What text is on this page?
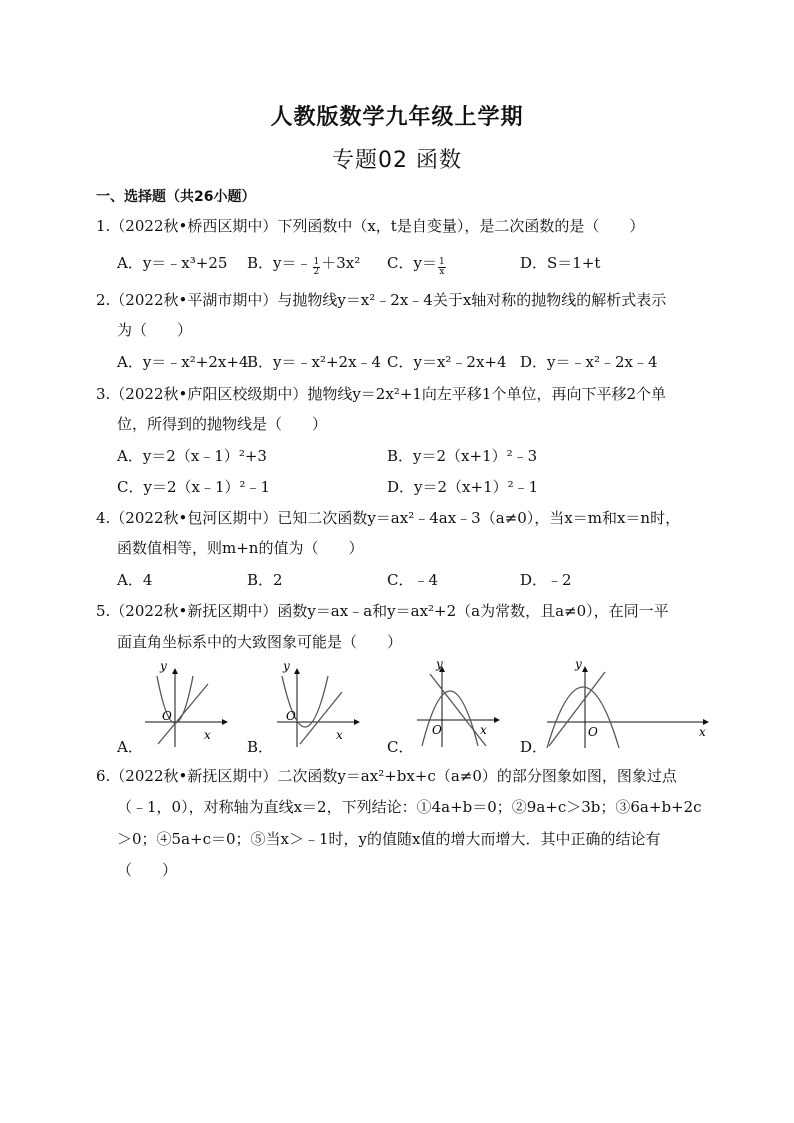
人教版数学九年级上学期
专题02 函数
一、选择题（共26小题）
1.（2022秋•桥西区期中）下列函数中（x，t是自变量），是二次函数的是（　　）
A．y＝﹣x³+25 B．y＝﹣ $\frac{1}{2} +3x^2$ C．$y= \frac{1}{x}$	D．S＝1+t
2.（2022秋•平湖市期中）与抛物线y＝x²﹣2x﹣4关于x轴对称的抛物线的解析式表示
为（　　）
A．y＝﹣x²+2x+4
B．y＝﹣x²+2x﹣4 C．y＝x²﹣2x+4 D．y＝﹣x²﹣2x﹣4
3.（2022秋•庐阳区校级期中）抛物线y＝2x²+1向左平移1个单位，再向下平移2个单
位，所得到的抛物线是（　　）
A．y＝2（x﹣1）²+3	B．y＝2（x+1）²﹣3
C．y＝2（x﹣1）²﹣1	D．y＝2（x+1）²﹣1
4.（2022秋•包河区期中）已知二次函数y＝ax²﹣4ax﹣3（a≠0），当x＝m和x＝n时，
函数值相等，则m+n的值为（　　）
A．4	B．2	C．﹣4	D．﹣2
5.（2022秋•新抚区期中）函数y＝ax﹣a和y＝ax²+2（a为常数，且a≠0），在同一平
面直角坐标系中的大致图象可能是（　　）
A．
y
O
x
B．
y
O
x
C．
y
O	x
D．
y
O	x
6.（2022秋•新抚区期中）二次函数y＝ax²+bx+c（a≠0）的部分图象如图，图象过点
（﹣1，0），对称轴为直线x＝2，下列结论：①4a+b＝0；②9a+c＞3b；③6a+b+2c
＞0；④5a+c＝0；⑤当x＞﹣1时，y的值随x值的增大而增大．其中正确的结论有
（　　）
